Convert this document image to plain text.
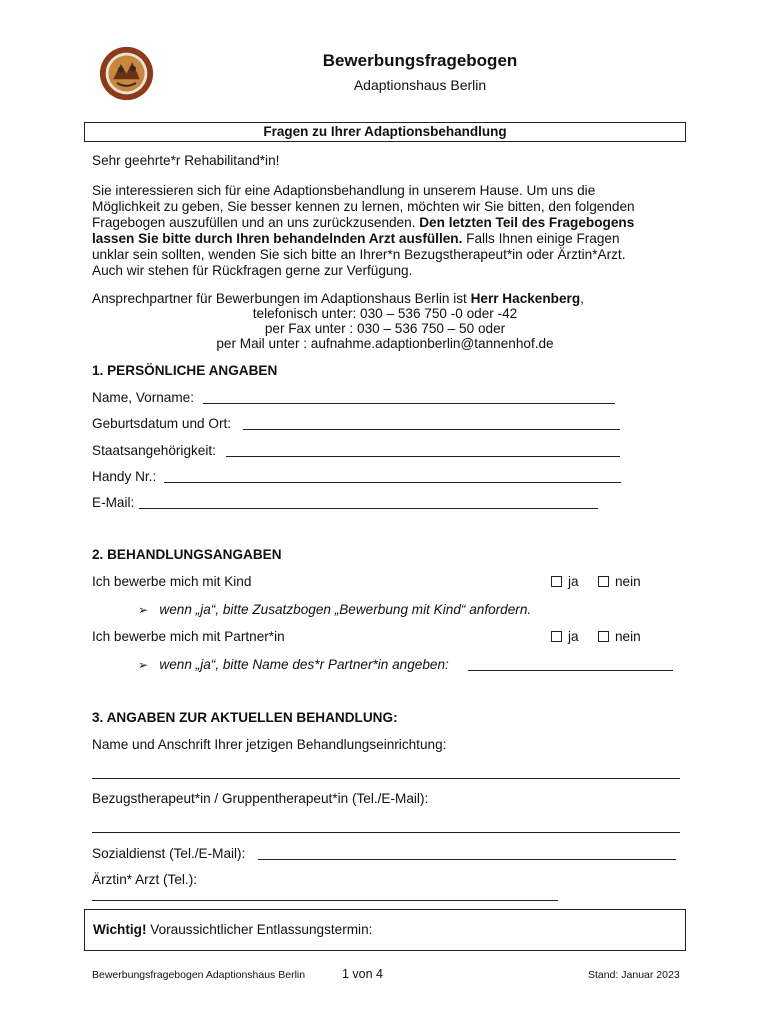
Bewerbungsfragebogen
Adaptionshaus Berlin
Fragen zu Ihrer Adaptionsbehandlung
Sehr geehrte*r Rehabilitand*in!
Sie interessieren sich für eine Adaptionsbehandlung in unserem Hause. Um uns die
Möglichkeit zu geben, Sie besser kennen zu lernen, möchten wir Sie bitten, den folgenden
Fragebogen auszufüllen und an uns zurückzusenden. Den letzten Teil des Fragebogens
lassen Sie bitte durch Ihren behandelnden Arzt ausfüllen. Falls Ihnen einige Fragen
unklar sein sollten, wenden Sie sich bitte an Ihrer*n Bezugstherapeut*in oder Ärztin*Arzt.
Auch wir stehen für Rückfragen gerne zur Verfügung.
Ansprechpartner für Bewerbungen im Adaptionshaus Berlin ist Herr Hackenberg,
telefonisch unter: 030 – 536 750 -0 oder -42
per Fax unter : 030 – 536 750 – 50 oder
per Mail unter : aufnahme.adaptionberlin@tannenhof.de
1. PERSÖNLICHE ANGABEN
Name, Vorname:
Geburtsdatum und Ort:
Staatsangehörigkeit:
Handy Nr.:
E-Mail:
2. BEHANDLUNGSANGABEN
Ich bewerbe mich mit Kind	ja	nein
➢ wenn „ja“, bitte Zusatzbogen „Bewerbung mit Kind“ anfordern.
Ich bewerbe mich mit Partner*in	ja	nein
➢ wenn „ja“, bitte Name des*r Partner*in angeben:
3. ANGABEN ZUR AKTUELLEN BEHANDLUNG:
Name und Anschrift Ihrer jetzigen Behandlungseinrichtung:
Bezugstherapeut*in / Gruppentherapeut*in (Tel./E-Mail):
Sozialdienst (Tel./E-Mail):
Ärztin* Arzt (Tel.):
Wichtig! Voraussichtlicher Entlassungstermin:
Bewerbungsfragebogen Adaptionshaus Berlin	1 von 4	Stand: Januar 2023
